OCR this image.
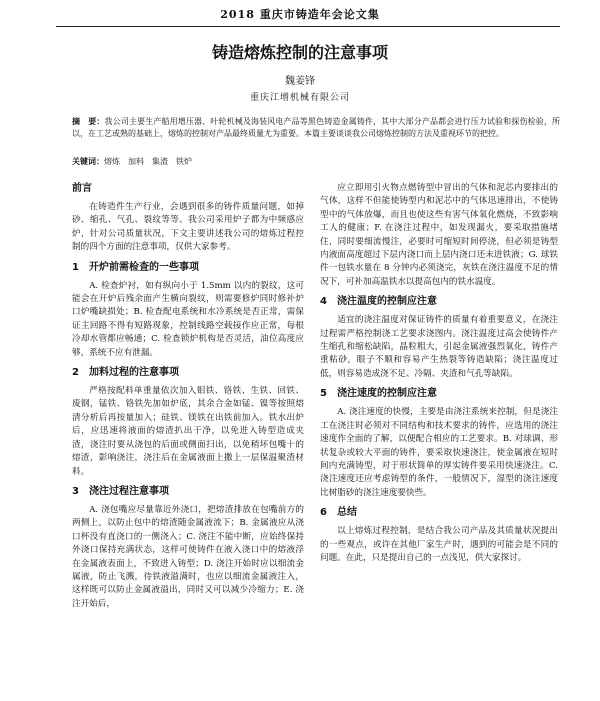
2018 重庆市铸造年会论文集
铸造熔炼控制的注意事项
魏姜锋
重庆江增机械有限公司
摘　要：我公司主要生产船用增压器、叶轮机械及海装风电产品等黑色铸造金属铸件，其中大部分产品都会进行压力试验和探伤检验，所以，在工艺或熟的基础上，熔炼的控制对产品最终质量尤为重要。本篇主要谈谈我公司熔炼控制的方法及重视环节的把控。
关键词：熔炼　加料　集渣　铁炉
前言

在铸造件生产行业，会遇到很多的铸件质量问题，如掉砂、缩孔、气孔、裂纹等等。我公司采用炉子都为中频感应炉，针对公司质量状况，下文主要讲述我公司的熔炼过程控制的四个方面的注意事项，仅供大家参考。

1　开炉前需检查的一些事项

A. 检查炉衬，如有纵向小于 1.5mm 以内的裂纹，这可能会在开炉后残余面产生横向裂纹，则需要修炉同时修补炉口炉嘴缺损处；B. 检查配电系统和水冷系统是否正常，需保证主回路不得有短路现象，控制线路空载接作应正常，每根冷却水管都应畅通；C. 检查锁炉机构是否灵活，油位高度应够，系统不应有泄漏。

2　加料过程的注意事项

严格按配料单重量依次加入钼铁、铬铁、生铁、回铁、废钢，锰铁、铬铁先加如炉底，其余合金如锰、镍等按照熔清分析后再按量加入；硅铁、镁铁在出铁前加入。铁水出炉后，应迅速将液面的熔渣扒出干净，以免进入铸型造成夹渣，浇注时要从浇包的后面或侧面扫出，以免稍坏包嘴十的熔渣，影响浇注，浇注后在金属液面上撒上一层保温聚渣材料。

3　浇注过程注意事项

A. 浇包嘴应尽量靠近外浇口，把熔渣排放在包嘴前方的两侧上，以防止包中的熔渣随金属液流下；B. 金属液应从浇口杯没有直浇口的一侧浇入；C. 浇注不能中断，应始终保持外浇口保持充满状态，这样可使铸件在液入浇口中的熔液浮在金属液表面上，不致进入铸型；D. 浇注开始时应以细流金属液，防止飞溅，待铁液溢满时，也应以细流金属液注入，这样既可以防止金属液溢出，同时又可以减少冷缩力；E. 浇注开始后，

应立即用引火物点燃铸型中冒出的气体和泥芯内要排出的气体，这样不但能使铸型内和泥芯中的气体迅速排出，不使铸型中的气体放爆，而且也使这些有害气体氧化燃烧，不致影响工人的健康；F. 在浇注过程中，如发现漏火，要采取措施堵住，同时要细流慢注，必要时可缩短时间停浇，但必须是铸型内液面高度超过下层内浇口而上层内浇口还未进铁液；G. 球铁件一包铁水量在 8 分钟内必须浇完，灰铁在浇注温度不足的情况下，可补加高温铁水以提高包内的铁水温度。

4　浇注温度的控制应注意

适宜的浇注温度对保证铸件的质量有着重要意义，在浇注过程需严格控制浇工艺要求浇图内。浇注温度过高会使铸件产生缩孔和缩松缺陷，晶粒粗大，引起金属液强烈氧化，铸件产重粘砂，眼子不顺和容易产生热裂等铸造缺陷；浇注温度过低，则容易造成浇不足、冷隔、夹渣和气孔等缺陷。

5　浇注速度的控制应注意

A. 浇注速度的快慢，主要是由浇注系统来控制，但是浇注工在浇注时必须对不同结构和技术要求的铸件，应选用的浇注速度作全面的了解，以便配合相应的工艺要求。B. 对球调、形状复杂或较大平面的铸件，要采取快速浇注，使金属液在短时间内充满铸型，对于形状简单的厚实铸件要采用快速浇注。C. 浇注速度还应考虑铸型的条件，一般情况下，湿型的浇注速度比树脂砂的浇注速度要快些。

6　总结

以上熔炼过程控制，是结合我公司产品及其质量状况提出的一些观点，或许在其他厂家生产时，遇到的可能会是不同的问题。在此，只是提出自己的一点浅见，供大家探讨。
